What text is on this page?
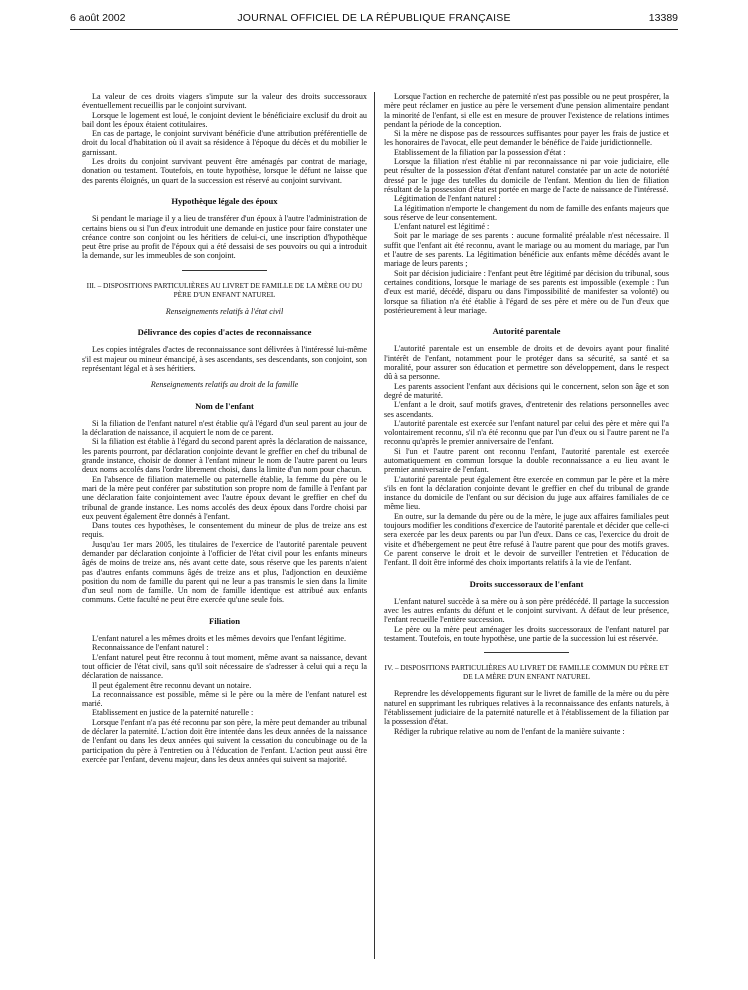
6 août 2002	JOURNAL OFFICIEL DE LA RÉPUBLIQUE FRANÇAISE	13389

La valeur de ces droits viagers s'impute sur la valeur des droits successoraux éventuellement recueillis par le conjoint survivant.

Lorsque le logement est loué, le conjoint devient le bénéficiaire exclusif du droit au bail dont les époux étaient cotitulaires.

En cas de partage, le conjoint survivant bénéficie d'une attribution préférentielle de droit du local d'habitation où il avait sa résidence à l'époque du décès et du mobilier le garnissant.

Les droits du conjoint survivant peuvent être aménagés par contrat de mariage, donation ou testament. Toutefois, en toute hypothèse, lorsque le défunt ne laisse que des parents éloignés, un quart de la succession est réservé au conjoint survivant.

Hypothèque légale des époux

Si pendant le mariage il y a lieu de transférer d'un époux à l'autre l'administration de certains biens ou si l'un d'eux introduit une demande en justice pour faire constater une créance contre son conjoint ou les héritiers de celui-ci, une inscription d'hypothèque peut être prise au profit de l'époux qui a été dessaisi de ses pouvoirs ou qui a introduit la demande, sur les immeubles de son conjoint.

III. – DISPOSITIONS PARTICULIÈRES AU LIVRET DE FAMILLE DE LA MÈRE OU DU PÈRE D'UN ENFANT NATUREL

Renseignements relatifs à l'état civil

Délivrance des copies d'actes de reconnaissance

Les copies intégrales d'actes de reconnaissance sont délivrées à l'intéressé lui-même s'il est majeur ou mineur émancipé, à ses ascendants, ses descendants, son conjoint, son représentant légal et à ses héritiers.

Renseignements relatifs au droit de la famille

Nom de l'enfant

Si la filiation de l'enfant naturel n'est établie qu'à l'égard d'un seul parent au jour de la déclaration de naissance, il acquiert le nom de ce parent.

Si la filiation est établie à l'égard du second parent après la déclaration de naissance, les parents pourront, par déclaration conjointe devant le greffier en chef du tribunal de grande instance, choisir de donner à l'enfant mineur le nom de l'autre parent ou leurs deux noms accolés dans l'ordre librement choisi, dans la limite d'un nom pour chacun.

En l'absence de filiation maternelle ou paternelle établie, la femme du père ou le mari de la mère peut conférer par substitution son propre nom de famille à l'enfant par une déclaration faite conjointement avec l'autre époux devant le greffier en chef du tribunal de grande instance. Les noms accolés des deux époux dans l'ordre choisi par eux peuvent également être donnés à l'enfant.

Dans toutes ces hypothèses, le consentement du mineur de plus de treize ans est requis.

Jusqu'au 1er mars 2005, les titulaires de l'exercice de l'autorité parentale peuvent demander par déclaration conjointe à l'officier de l'état civil pour les enfants mineurs âgés de moins de treize ans, nés avant cette date, sous réserve que les parents n'aient pas d'autres enfants communs âgés de treize ans et plus, l'adjonction en deuxième position du nom de famille du parent qui ne leur a pas transmis le sien dans la limite d'un seul nom de famille. Un nom de famille identique est attribué aux enfants communs. Cette faculté ne peut être exercée qu'une seule fois.

Filiation

L'enfant naturel a les mêmes droits et les mêmes devoirs que l'enfant légitime.

Reconnaissance de l'enfant naturel :

L'enfant naturel peut être reconnu à tout moment, même avant sa naissance, devant tout officier de l'état civil, sans qu'il soit nécessaire de s'adresser à celui qui a reçu la déclaration de naissance.

Il peut également être reconnu devant un notaire.

La reconnaissance est possible, même si le père ou la mère de l'enfant naturel est marié.

Etablissement en justice de la paternité naturelle :

Lorsque l'enfant n'a pas été reconnu par son père, la mère peut demander au tribunal de déclarer la paternité. L'action doit être intentée dans les deux années de la naissance de l'enfant ou dans les deux années qui suivent la cessation du concubinage ou de la participation du père à l'entretien ou à l'éducation de l'enfant. L'action peut aussi être exercée par l'enfant, devenu majeur, dans les deux années qui suivent sa majorité.

Lorsque l'action en recherche de paternité n'est pas possible ou ne peut prospérer, la mère peut réclamer en justice au père le versement d'une pension alimentaire pendant la minorité de l'enfant, si elle est en mesure de prouver l'existence de relations intimes pendant la période de la conception.

Si la mère ne dispose pas de ressources suffisantes pour payer les frais de justice et les honoraires de l'avocat, elle peut demander le bénéfice de l'aide juridictionnelle.

Etablissement de la filiation par la possession d'état :

Lorsque la filiation n'est établie ni par reconnaissance ni par voie judiciaire, elle peut résulter de la possession d'état d'enfant naturel constatée par un acte de notoriété dressé par le juge des tutelles du domicile de l'enfant. Mention du lien de filiation résultant de la possession d'état est portée en marge de l'acte de naissance de l'intéressé.

Légitimation de l'enfant naturel :

La légitimation n'emporte le changement du nom de famille des enfants majeurs que sous réserve de leur consentement.

L'enfant naturel est légitimé :

Soit par le mariage de ses parents : aucune formalité préalable n'est nécessaire. Il suffit que l'enfant ait été reconnu, avant le mariage ou au moment du mariage, par l'un et l'autre de ses parents. La légitimation bénéficie aux enfants même décédés avant le mariage de leurs parents ;

Soit par décision judiciaire : l'enfant peut être légitimé par décision du tribunal, sous certaines conditions, lorsque le mariage de ses parents est impossible (exemple : l'un d'eux est marié, décédé, disparu ou dans l'impossibilité de manifester sa volonté) ou lorsque sa filiation n'a été établie à l'égard de ses père et mère ou de l'un d'eux que postérieurement à leur mariage.

Autorité parentale

L'autorité parentale est un ensemble de droits et de devoirs ayant pour finalité l'intérêt de l'enfant, notamment pour le protéger dans sa sécurité, sa santé et sa moralité, pour assurer son éducation et permettre son développement, dans le respect dû à sa personne.

Les parents associent l'enfant aux décisions qui le concernent, selon son âge et son degré de maturité.

L'enfant a le droit, sauf motifs graves, d'entretenir des relations personnelles avec ses ascendants.

L'autorité parentale est exercée sur l'enfant naturel par celui des père et mère qui l'a volontairement reconnu, s'il n'a été reconnu que par l'un d'eux ou si l'autre parent ne l'a reconnu qu'après le premier anniversaire de l'enfant.

Si l'un et l'autre parent ont reconnu l'enfant, l'autorité parentale est exercée automatiquement en commun lorsque la double reconnaissance a eu lieu avant le premier anniversaire de l'enfant.

L'autorité parentale peut également être exercée en commun par le père et la mère s'ils en font la déclaration conjointe devant le greffier en chef du tribunal de grande instance du domicile de l'enfant ou sur décision du juge aux affaires familiales de ce même lieu.

En outre, sur la demande du père ou de la mère, le juge aux affaires familiales peut toujours modifier les conditions d'exercice de l'autorité parentale et décider que celle-ci sera exercée par les deux parents ou par l'un d'eux. Dans ce cas, l'exercice du droit de visite et d'hébergement ne peut être refusé à l'autre parent que pour des motifs graves. Ce parent conserve le droit et le devoir de surveiller l'entretien et l'éducation de l'enfant. Il doit être informé des choix importants relatifs à la vie de l'enfant.

Droits successoraux de l'enfant

L'enfant naturel succède à sa mère ou à son père prédécédé. Il partage la succession avec les autres enfants du défunt et le conjoint survivant. A défaut de leur présence, l'enfant recueille l'entière succession.

Le père ou la mère peut aménager les droits successoraux de l'enfant naturel par testament. Toutefois, en toute hypothèse, une partie de la succession lui est réservée.

IV. – DISPOSITIONS PARTICULIÈRES AU LIVRET DE FAMILLE COMMUN DU PÈRE ET DE LA MÈRE D'UN ENFANT NATUREL

Reprendre les développements figurant sur le livret de famille de la mère ou du père naturel en supprimant les rubriques relatives à la reconnaissance des enfants naturels, à l'établissement judiciaire de la paternité naturelle et à l'établissement de la filiation par la possession d'état.

Rédiger la rubrique relative au nom de l'enfant de la manière suivante :
